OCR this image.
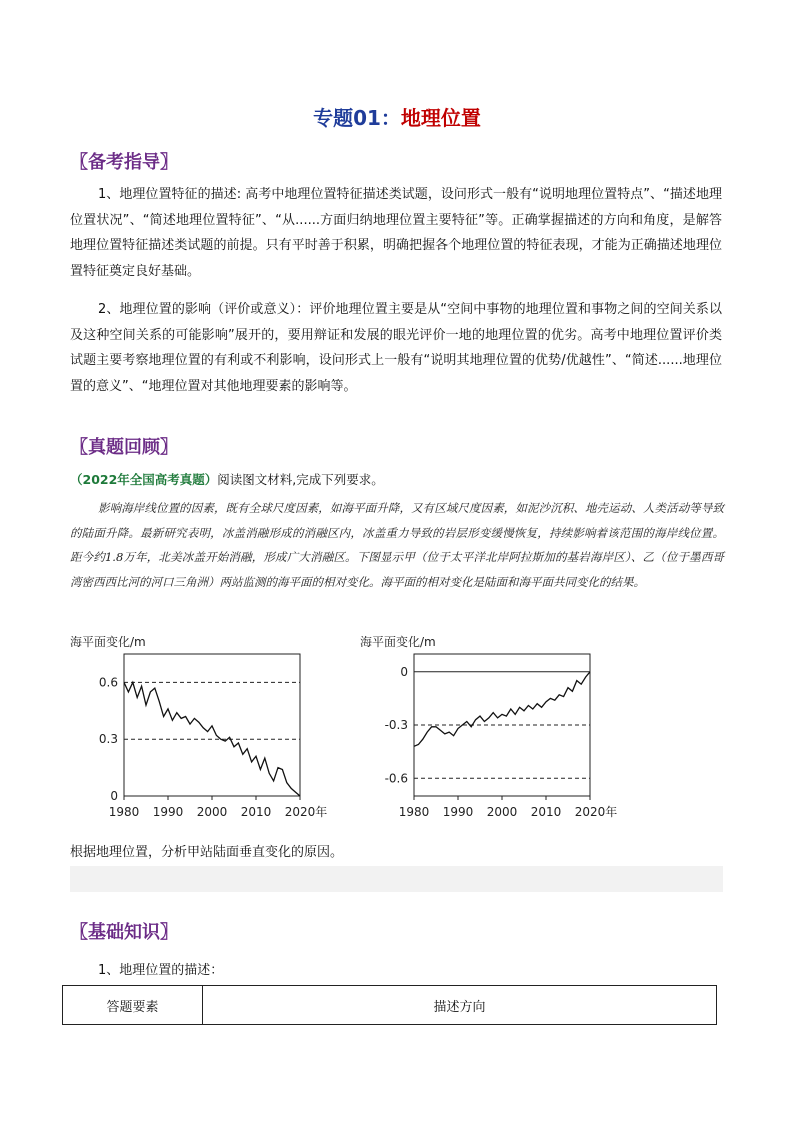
专题01：地理位置
〖备考指导〗
1、地理位置特征的描述: 高考中地理位置特征描述类试题，设问形式一般有“说明地理位置特点”、“描述地理位置状况”、“简述地理位置特征”、“从......方面归纳地理位置主要特征”等。正确掌握描述的方向和角度，是解答地理位置特征描述类试题的前提。只有平时善于积累，明确把握各个地理位置的特征表现，才能为正确描述地理位置特征奠定良好基础。
2、地理位置的影响（评价或意义）：评价地理位置主要是从“空间中事物的地理位置和事物之间的空间关系以及这种空间关系的可能影响”展开的，要用辩证和发展的眼光评价一地的地理位置的优劣。高考中地理位置评价类试题主要考察地理位置的有利或不利影响，设问形式上一般有“说明其地理位置的优势/优越性”、“简述......地理位置的意义”、“地理位置对其他地理要素的影响等。
〖真题回顾〗
（2022年全国高考真题）阅读图文材料,完成下列要求。
影响海岸线位置的因素，既有全球尺度因素，如海平面升降，又有区域尺度因素，如泥沙沉积、地壳运动、人类活动等导致的陆面升降。最新研究表明，冰盖消融形成的消融区内，冰盖重力导致的岩层形变缓慢恢复，持续影响着该范围的海岸线位置。距今约1.8万年，北美冰盖开始消融，形成广大消融区。下图显示甲（位于太平洋北岸阿拉斯加的基岩海岸区）、乙（位于墨西哥湾密西西比河的河口三角洲）两站监测的海平面的相对变化。海平面的相对变化是陆面和海平面共同变化的结果。
海平面变化/m
0
0.3
0.6
1980 1990 2000 2010 2020年
海平面变化/m
0
-0.3
-0.6
1980 1990 2000 2010 2020年
根据地理位置，分析甲站陆面垂直变化的原因。
〖基础知识〗
1、地理位置的描述：
答题要素	描述方向
